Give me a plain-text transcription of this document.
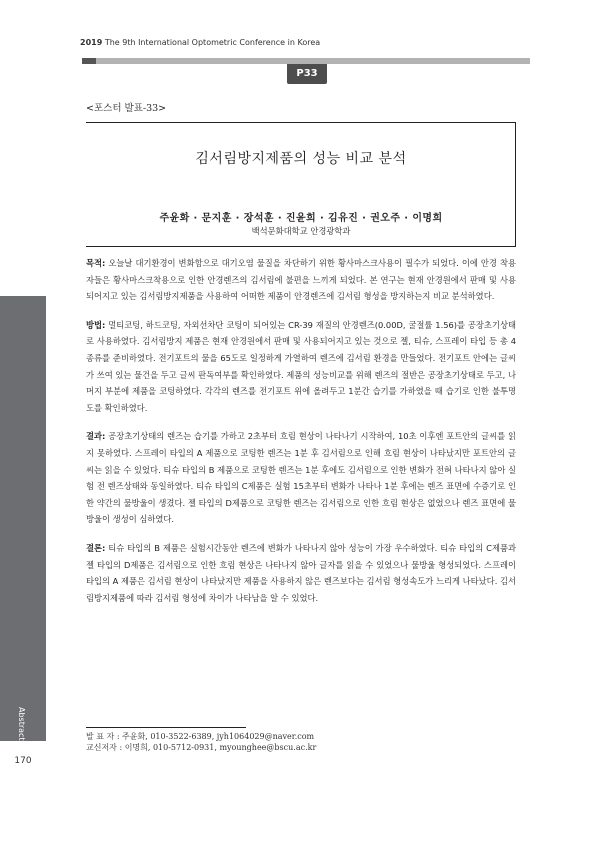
2019 The 9th International Optometric Conference in Korea
P33
<포스터 발표-33>
김서림방지제품의 성능 비교 분석
주윤화 · 문지훈 · 장석훈 · 진윤희 · 김유진 · 권오주 · 이명희
백석문화대학교 안경광학과

목적: 오늘날 대기환경이 변화함으로 대기오염 물질을 차단하기 위한 황사마스크사용이 필수가 되었다. 이에 안경 착용자들은 황사마스크착용으로 인한 안경렌즈의 김서림에 불편을 느끼게 되었다. 본 연구는 현재 안경원에서 판매 및 사용되어지고 있는 김서림방지제품을 사용하여 어떠한 제품이 안경렌즈에 김서림 형성을 방지하는지 비교 분석하였다.

방법: 멀티코팅, 하드코팅, 자외선차단 코팅이 되어있는 CR-39 재질의 안경렌즈(0.00D, 굴절률 1.56)를 공장초기상태로 사용하였다. 김서림방지 제품은 현재 안경원에서 판매 및 사용되어지고 있는 것으로 젤, 티슈, 스프레이 타입 등 총 4 종류를 준비하였다. 전기포트의 물을 65도로 일정하게 가열하여 렌즈에 김서림 환경을 만들었다. 전기포트 안에는 글씨가 쓰여 있는 물건을 두고 글씨 판독여부를 확인하였다. 제품의 성능비교를 위해 렌즈의 절반은 공장초기상태로 두고, 나머지 부분에 제품을 코팅하였다. 각각의 렌즈를 전기포트 위에 올려두고 1분간 습기를 가하였을 때 습기로 인한 불투명도를 확인하였다.

결과: 공장초기상태의 렌즈는 습기를 가하고 2초부터 흐림 현상이 나타나기 시작하여, 10초 이후엔 포트안의 글씨를 읽지 못하였다. 스프레이 타입의 A 제품으로 코팅한 렌즈는 1분 후 김서림으로 인해 흐림 현상이 나타났지만 포트안의 글씨는 읽을 수 있었다. 티슈 타입의 B 제품으로 코팅한 렌즈는 1분 후에도 김서림으로 인한 변화가 전혀 나타나지 않아 실험 전 렌즈상태와 동일하였다. 티슈 타입의 C제품은 실험 15초부터 변화가 나타나 1분 후에는 렌즈 표면에 수증기로 인한 약간의 물방울이 생겼다. 젤 타입의 D제품으로 코팅한 렌즈는 김서림으로 인한 흐림 현상은 없었으나 렌즈 표면에 물방울이 생성이 심하였다.

결론: 티슈 타입의 B 제품은 실험시간동안 렌즈에 변화가 나타나지 않아 성능이 가장 우수하였다. 티슈 타입의 C제품과 젤 타입의 D제품은 김서림으로 인한 흐림 현상은 나타나지 않아 글자를 읽을 수 있었으나 물방울 형성되었다. 스프레이 타입의 A 제품은 김서림 현상이 나타났지만 제품을 사용하지 않은 렌즈보다는 김서림 형성속도가 느리게 나타났다. 김서림방지제품에 따라 김서림 형성에 차이가 나타남을 알 수 있었다.

Abstract
170
발 표 자 : 주윤화, 010-3522-6389, jyh1064029@naver.com
교신저자 : 이명희, 010-5712-0931, myounghee@bscu.ac.kr
